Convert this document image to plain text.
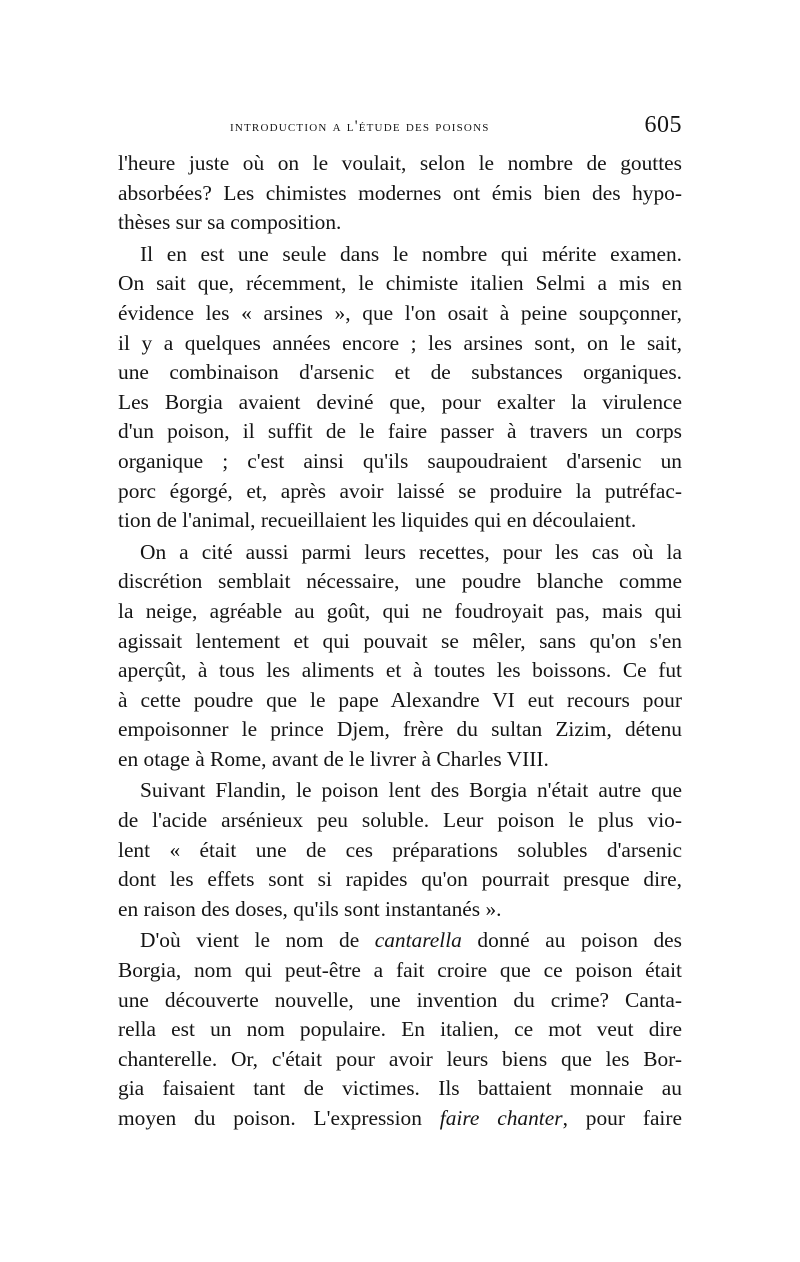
introduction a l'étude des poisons	605
l'heure juste où on le voulait, selon le nombre de gouttes
absorbées? Les chimistes modernes ont émis bien des hypo-
thèses sur sa composition.
Il en est une seule dans le nombre qui mérite examen.
On sait que, récemment, le chimiste italien Selmi a mis en
évidence les « arsines », que l'on osait à peine soupçonner,
il y a quelques années encore ; les arsines sont, on le sait,
une combinaison d'arsenic et de substances organiques.
Les Borgia avaient deviné que, pour exalter la virulence
d'un poison, il suffit de le faire passer à travers un corps
organique ; c'est ainsi qu'ils saupoudraient d'arsenic un
porc égorgé, et, après avoir laissé se produire la putréfac-
tion de l'animal, recueillaient les liquides qui en découlaient.
On a cité aussi parmi leurs recettes, pour les cas où la
discrétion semblait nécessaire, une poudre blanche comme
la neige, agréable au goût, qui ne foudroyait pas, mais qui
agissait lentement et qui pouvait se mêler, sans qu'on s'en
aperçût, à tous les aliments et à toutes les boissons. Ce fut
à cette poudre que le pape Alexandre VI eut recours pour
empoisonner le prince Djem, frère du sultan Zizim, détenu
en otage à Rome, avant de le livrer à Charles VIII.
Suivant Flandin, le poison lent des Borgia n'était autre que
de l'acide arsénieux peu soluble. Leur poison le plus vio-
lent « était une de ces préparations solubles d'arsenic
dont les effets sont si rapides qu'on pourrait presque dire,
en raison des doses, qu'ils sont instantanés ».
D'où vient le nom de cantarella donné au poison des
Borgia, nom qui peut-être a fait croire que ce poison était
une découverte nouvelle, une invention du crime? Canta-
rella est un nom populaire. En italien, ce mot veut dire
chanterelle. Or, c'était pour avoir leurs biens que les Bor-
gia faisaient tant de victimes. Ils battaient monnaie au
moyen du poison. L'expression faire chanter, pour faire
